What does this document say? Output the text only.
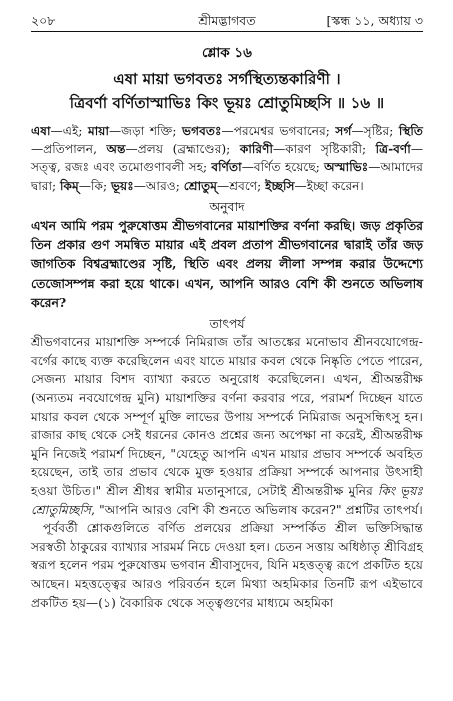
২০৮	শ্রীমদ্ভাগবত	[স্কন্ধ ১১, অধ্যায় ৩
শ্লোক ১৬
এষা মায়া ভগবতঃ সর্গস্থিত্যন্তকারিণী ।
ত্রিবর্ণা বর্ণিতাস্মাভিঃ কিং ভূয়ঃ শ্রোতুমিচ্ছসি ॥ ১৬ ॥
এষা—এই; মায়া—জড়া শক্তি; ভগবতঃ—পরমেশ্বর ভগবানের; সর্গ—সৃষ্টির; স্থিতি—প্রতিপালন, অন্ত—প্রলয় (ব্রহ্মাণ্ডের); কারিণী—কারণ সৃষ্টিকারী; ত্রি-বর্ণা—সত্ত্ব, রজঃ এবং তমোগুণাবলী সহ; বর্ণিতা—বর্ণিত হয়েছে; অস্মাভিঃ—আমাদের দ্বারা; কিম্—কি; ভূয়ঃ—আরও; শ্রোতুম্—শ্রবণে; ইচ্ছসি—ইচ্ছা করেন।
অনুবাদ
এখন আমি পরম পুরুষোত্তম শ্রীভগবানের মায়াশক্তির বর্ণনা করছি। জড় প্রকৃতির তিন প্রকার গুণ সমন্বিত মায়ার এই প্রবল প্রতাপ শ্রীভগবানের দ্বারাই তাঁর জড় জাগতিক বিশ্বব্রহ্মাণ্ডের সৃষ্টি, স্থিতি এবং প্রলয় লীলা সম্পন্ন করার উদ্দেশ্যে তেজোসম্পন্ন করা হয়ে থাকে। এখন, আপনি আরও বেশি কী শুনতে অভিলাষ করেন?
তাৎপর্য

শ্রীভগবানের মায়াশক্তি সম্পর্কে নিমিরাজ তাঁর আতঙ্কের মনোভাব শ্রীনবযোগেন্দ্র-বর্গের কাছে ব্যক্ত করেছিলেন এবং যাতে মায়ার কবল থেকে নিষ্কৃতি পেতে পারেন, সেজন্য মায়ার বিশদ ব্যাখ্যা করতে অনুরোধ করেছিলেন। এখন, শ্রীঅন্তরীক্ষ (অন্যতম নবযোগেন্দ্র মুনি) মায়াশক্তির বর্ণনা করবার পরে, পরামর্শ দিচ্ছেন যাতে মায়ার কবল থেকে সম্পূর্ণ মুক্তি লাভের উপায় সম্পর্কে নিমিরাজ অনুসন্ধিৎসু হন। রাজার কাছ থেকে সেই ধরনের কোনও প্রশ্নের জন্য অপেক্ষা না করেই, শ্রীঅন্তরীক্ষ মুনি নিজেই পরামর্শ দিচ্ছেন, "যেহেতু আপনি এখন মায়ার প্রভাব সম্পর্কে অবহিত হয়েছেন, তাই তার প্রভাব থেকে মুক্ত হওয়ার প্রক্রিয়া সম্পর্কে আপনার উৎসাহী হওয়া উচিত।" শ্রীল শ্রীধর স্বামীর মতানুসারে, সেটাই শ্রীঅন্তরীক্ষ মুনির কিং ভূয়ঃ শ্রোতুমিচ্ছসি, "আপনি আরও বেশি কী শুনতে অভিলাষ করেন?" প্রশ্নটির তাৎপর্য।

পূর্ববর্তী শ্লোকগুলিতে বর্ণিত প্রলয়ের প্রক্রিয়া সম্পর্কিত শ্রীল ভক্তিসিদ্ধান্ত সরস্বতী ঠাকুরের ব্যাখ্যার সারমর্ম নিচে দেওয়া হল। চেতন সত্তায় অধিষ্ঠাতৃ শ্রীবিগ্রহ স্বরূপ হলেন পরম পুরুষোত্তম ভগবান শ্রীবাসুদেব, যিনি মহত্তত্ত্ব রূপে প্রকটিত হয়ে আছেন। মহত্তত্ত্বের আরও পরিবর্তন হলে মিথ্যা অহমিকার তিনটি রূপ এইভাবে প্রকটিত হয়—(১) বৈকারিক থেকে সত্ত্বগুণের মাধ্যমে অহমিকা
